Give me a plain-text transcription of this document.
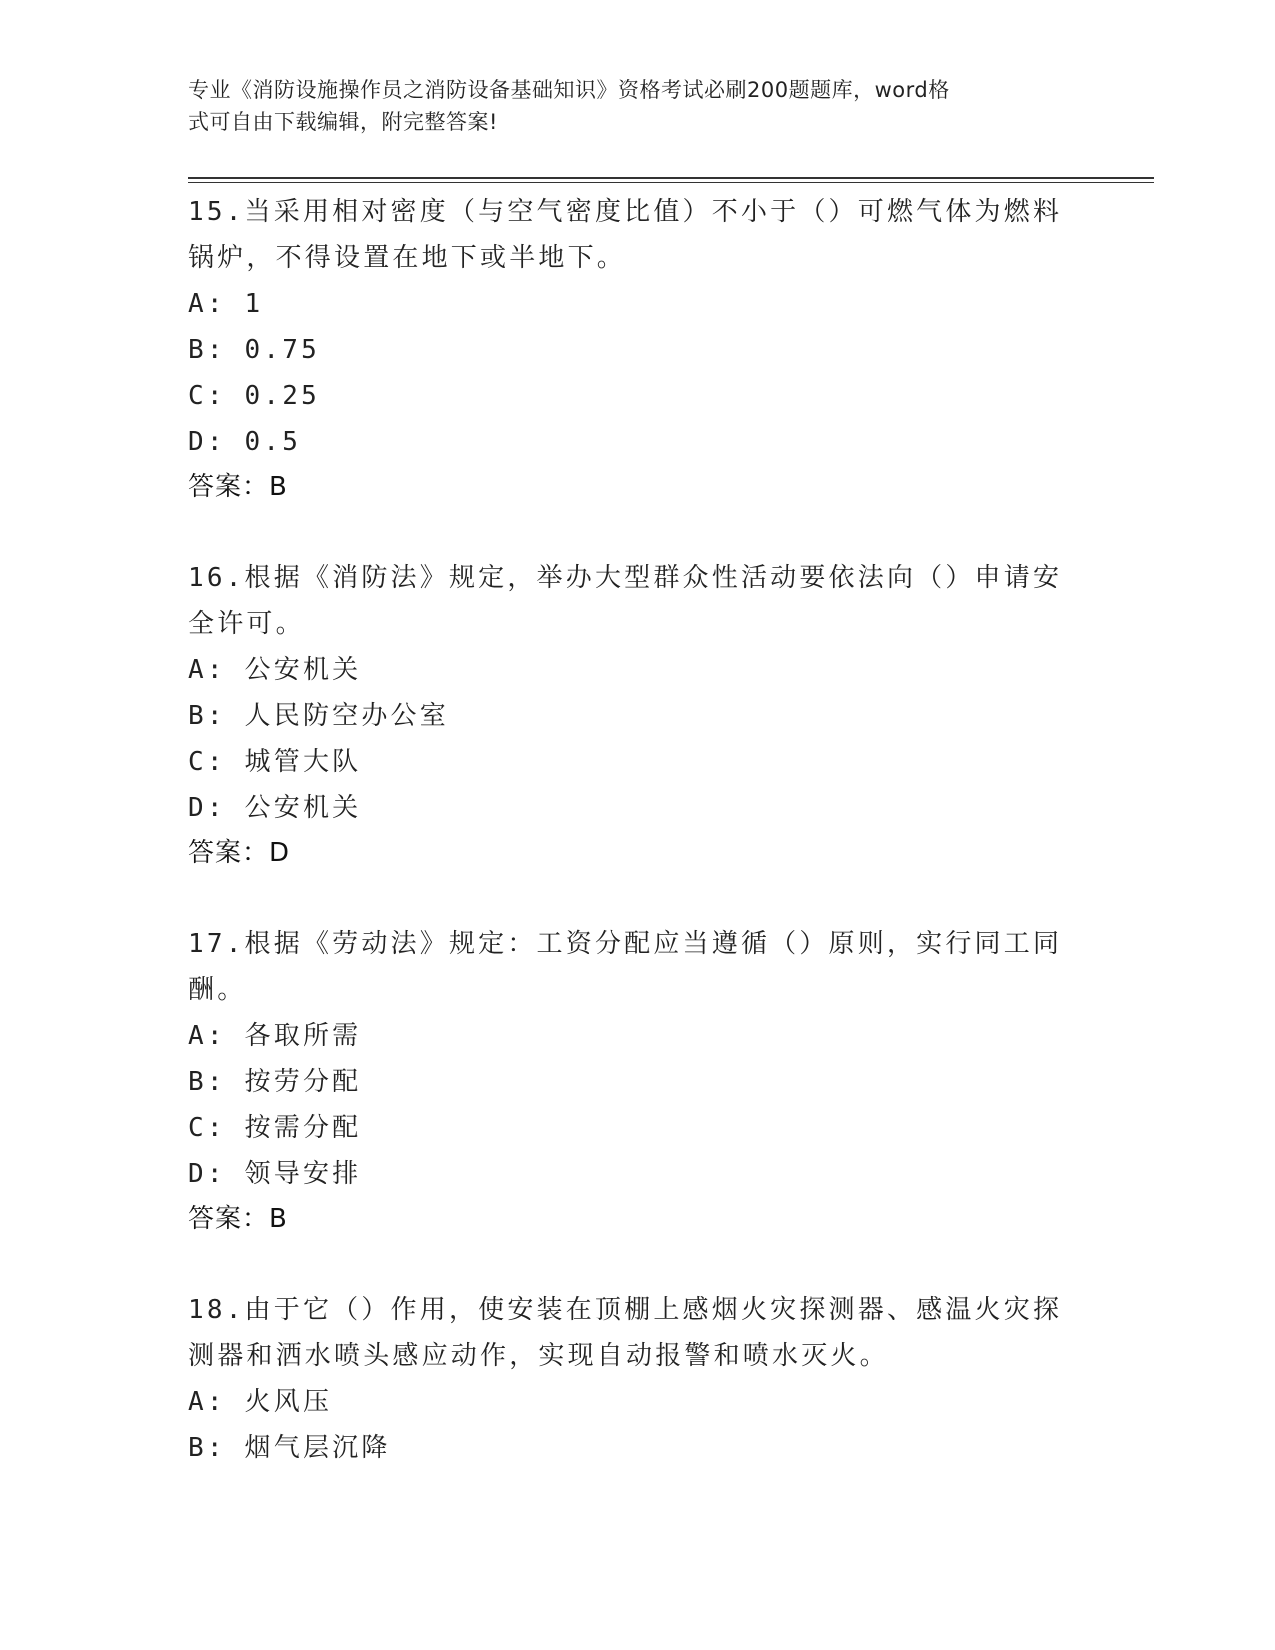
专业《消防设施操作员之消防设备基础知识》资格考试必刷200题题库，word格
式可自由下载编辑，附完整答案!
15.当采用相对密度（与空气密度比值）不小于（）可燃气体为燃料锅炉，不得设置在地下或半地下。
A: 1
B: 0.75
C: 0.25
D: 0.5
答案：B
16.根据《消防法》规定，举办大型群众性活动要依法向（）申请安全许可。
A: 公安机关
B: 人民防空办公室
C: 城管大队
D: 公安机关
答案：D
17.根据《劳动法》规定：工资分配应当遵循（）原则，实行同工同酬。
A: 各取所需
B: 按劳分配
C: 按需分配
D: 领导安排
答案：B
18.由于它（）作用，使安装在顶棚上感烟火灾探测器、感温火灾探测器和洒水喷头感应动作，实现自动报警和喷水灭火。
A: 火风压
B: 烟气层沉降
